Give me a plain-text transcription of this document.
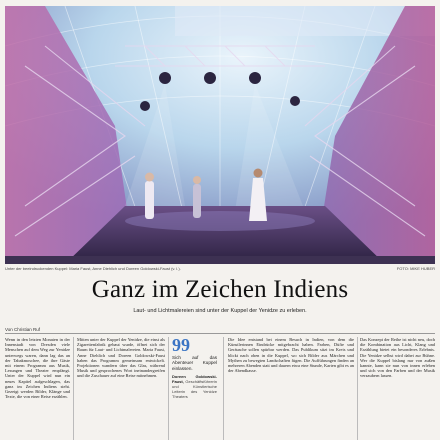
Unter der beeindruckenden Kuppel: Maria Faust, Anne Diehlich und Doreen Goldowski-Faust (v. l.).	FOTO: MIKE HUBER
Ganz im Zeichen Indiens
Laut- und Lichtmalereien sind unter der Kuppel der Yenidze zu erleben.
Von Christian Ruf
Wenn in den letzten Monaten in der Innenstadt von Dresden viele Menschen auf dem Weg zur Yenidze unterwegs waren, dann lag das an der Tabakmoschee, die ihre Gäste mit einem Programm aus Musik, Lesungen und Theater empfängt. Unter der Kuppel wird nun ein neues Kapitel aufgeschlagen, das ganz im Zeichen Indiens steht. Gezeigt werden Bilder, Klänge und Texte, die von einer Reise erzählen.
Mitten unter der Kuppel der Yenidze, die einst als Zigarettenfabrik gebaut wurde, öffnet sich der Raum für Laut- und Lichtmalereien. Maria Faust, Anne Diehlich und Doreen Goldowski-Faust haben das Programm gemeinsam entwickelt. Projektionen wandern über das Glas, während Musik und gesprochenes Wort ineinandergreifen und die Zuschauer auf eine Reise mitnehmen.
99
Sich auf das Abenteuer Kuppel einlassen.
Doreen Goldowski-Faust, Geschäftsführerin und Künstlerische Leiterin des Yenidze Theaters
Die Idee entstand bei einem Besuch in Indien, von dem die Künstlerinnen Eindrücke mitgebracht haben. Farben, Düfte und Geräusche sollen spürbar werden. Das Publikum sitzt im Kreis und blickt nach oben in die Kuppel, wo sich Bilder aus Märchen und Mythen zu bewegten Landschaften fügen. Die Aufführungen finden an mehreren Abenden statt und dauern etwa eine Stunde, Karten gibt es an der Abendkasse.
Das Konzept der Reihe ist nicht neu, doch die Kombination aus Licht, Klang und Erzählung bietet ein besonderes Erlebnis. Die Yenidze selbst wird dabei zur Bühne. Wer die Kuppel bislang nur von außen kannte, kann sie nun von innen erleben und sich von den Farben und der Musik verzaubern lassen.
